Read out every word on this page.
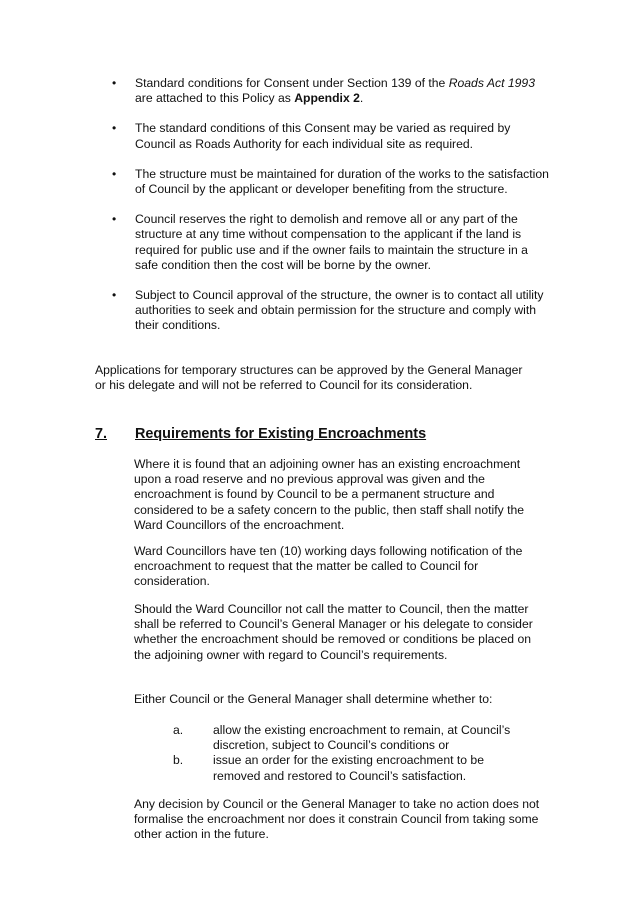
•
Standard conditions for Consent under Section 139 of the Roads Act 1993 are attached to this Policy as Appendix 2.
•
The standard conditions of this Consent may be varied as required by Council as Roads Authority for each individual site as required.
•
The structure must be maintained for duration of the works to the satisfaction of Council by the applicant or developer benefiting from the structure.
•
Council reserves the right to demolish and remove all or any part of the structure at any time without compensation to the applicant if the land is required for public use and if the owner fails to maintain the structure in a safe condition then the cost will be borne by the owner.
•
Subject to Council approval of the structure, the owner is to contact all utility authorities to seek and obtain permission for the structure and comply with their conditions.

Applications for temporary structures can be approved by the General Manager or his delegate and will not be referred to Council for its consideration.

7. Requirements for Existing Encroachments

Where it is found that an adjoining owner has an existing encroachment upon a road reserve and no previous approval was given and the encroachment is found by Council to be a permanent structure and considered to be a safety concern to the public, then staff shall notify the Ward Councillors of the encroachment.

Ward Councillors have ten (10) working days following notification of the encroachment to request that the matter be called to Council for consideration.

Should the Ward Councillor not call the matter to Council, then the matter shall be referred to Council’s General Manager or his delegate to consider whether the encroachment should be removed or conditions be placed on the adjoining owner with regard to Council’s requirements.

Either Council or the General Manager shall determine whether to:

a. allow the existing encroachment to remain, at Council’s discretion, subject to Council’s conditions or
b. issue an order for the existing encroachment to be removed and restored to Council’s satisfaction.

Any decision by Council or the General Manager to take no action does not formalise the encroachment nor does it constrain Council from taking some other action in the future.
